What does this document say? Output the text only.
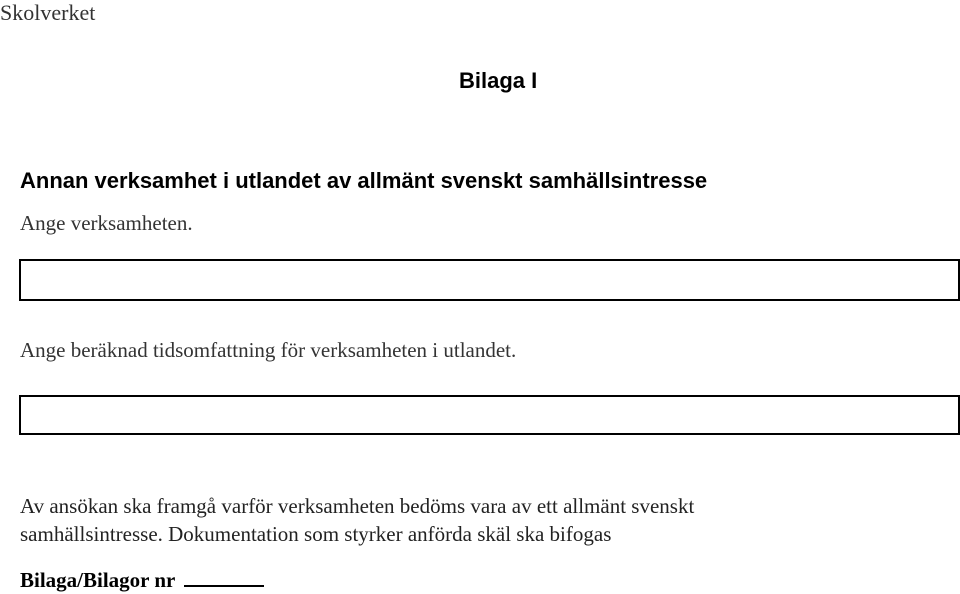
Skolverket
Bilaga I
Annan verksamhet i utlandet av allmänt svenskt samhällsintresse
Ange verksamheten.
Ange beräknad tidsomfattning för verksamheten i utlandet.
Av ansökan ska framgå varför verksamheten bedöms vara av ett allmänt svenskt
samhällsintresse. Dokumentation som styrker anförda skäl ska bifogas
Bilaga/Bilagor nr
